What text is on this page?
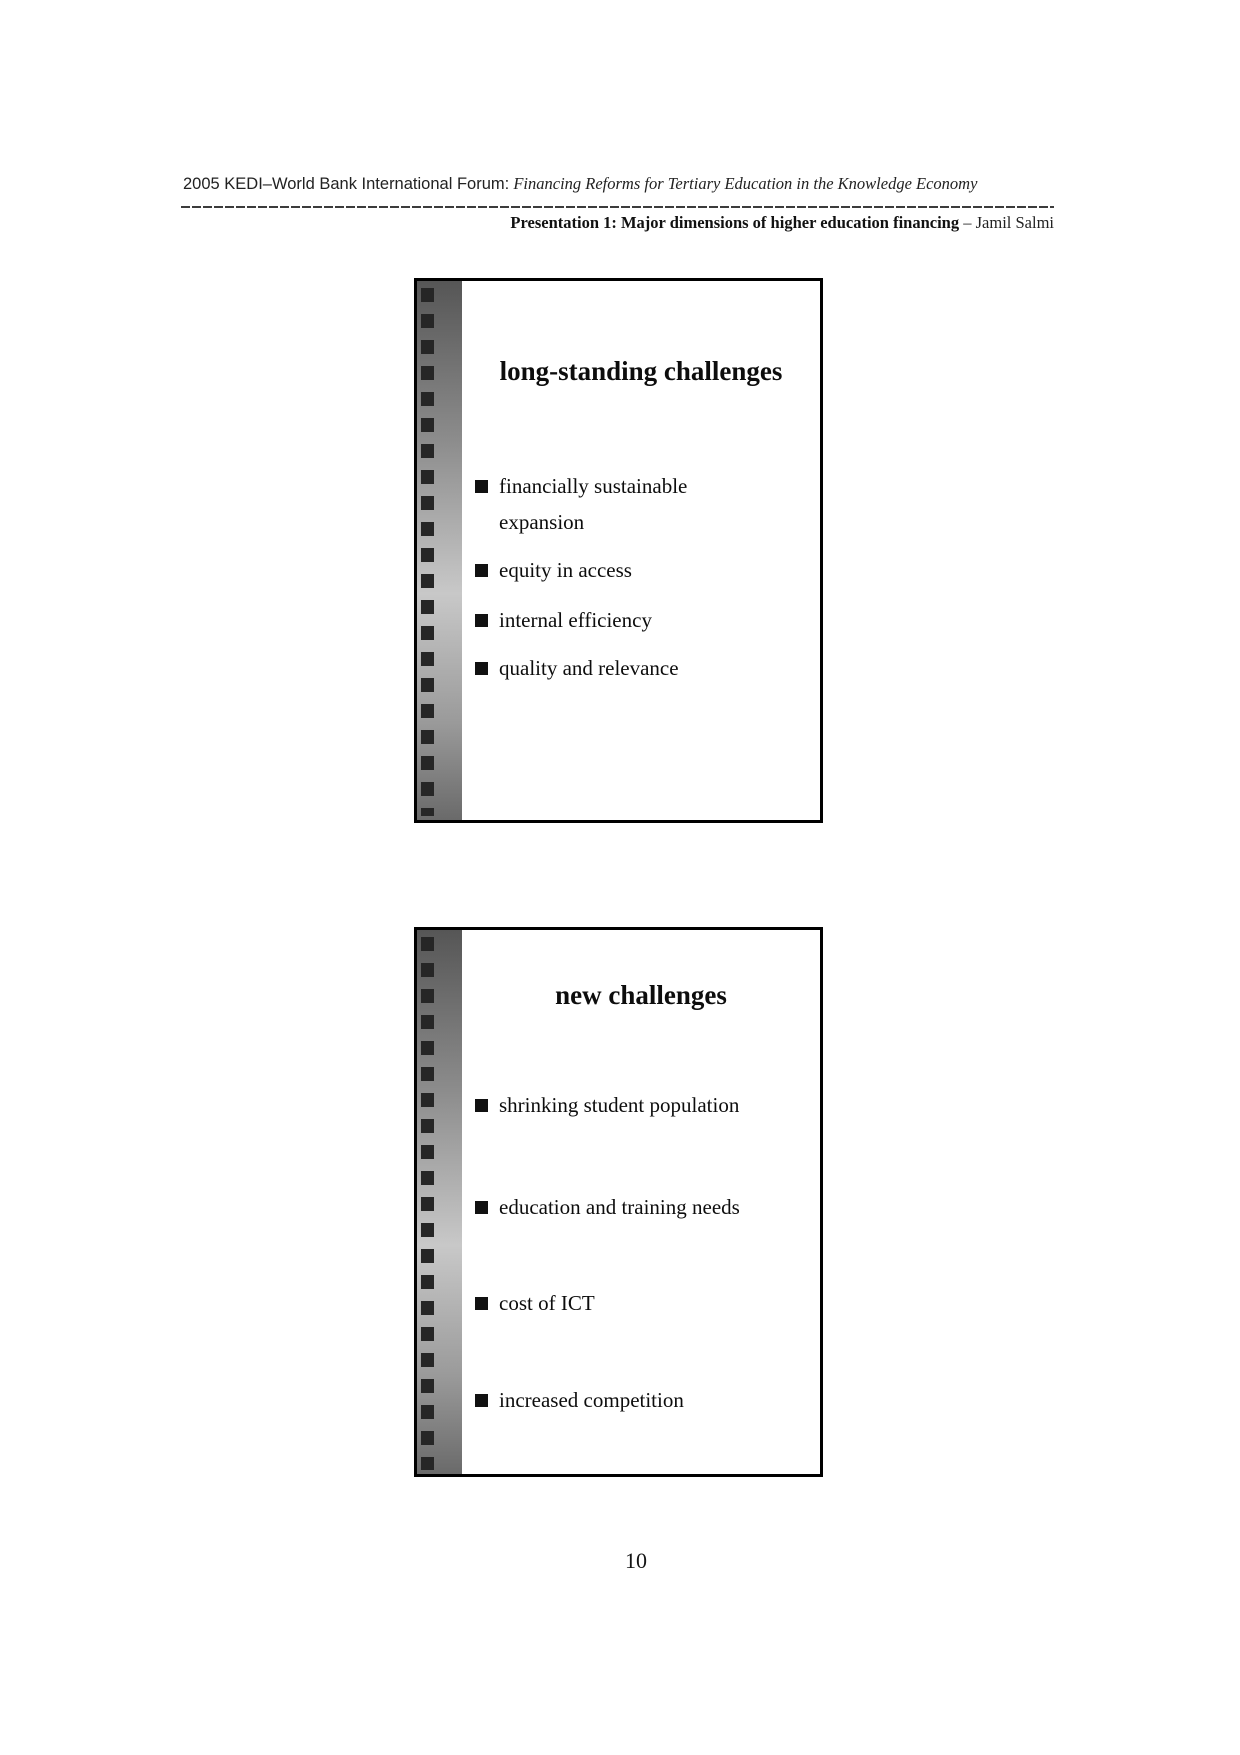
2005 KEDI–World Bank International Forum: Financing Reforms for Tertiary Education in the Knowledge Economy
Presentation 1: Major dimensions of higher education financing – Jamil Salmi
long-standing challenges
financially sustainable expansion
equity in access
internal efficiency
quality and relevance
new challenges
shrinking student population
education and training needs
cost of ICT
increased competition
10
